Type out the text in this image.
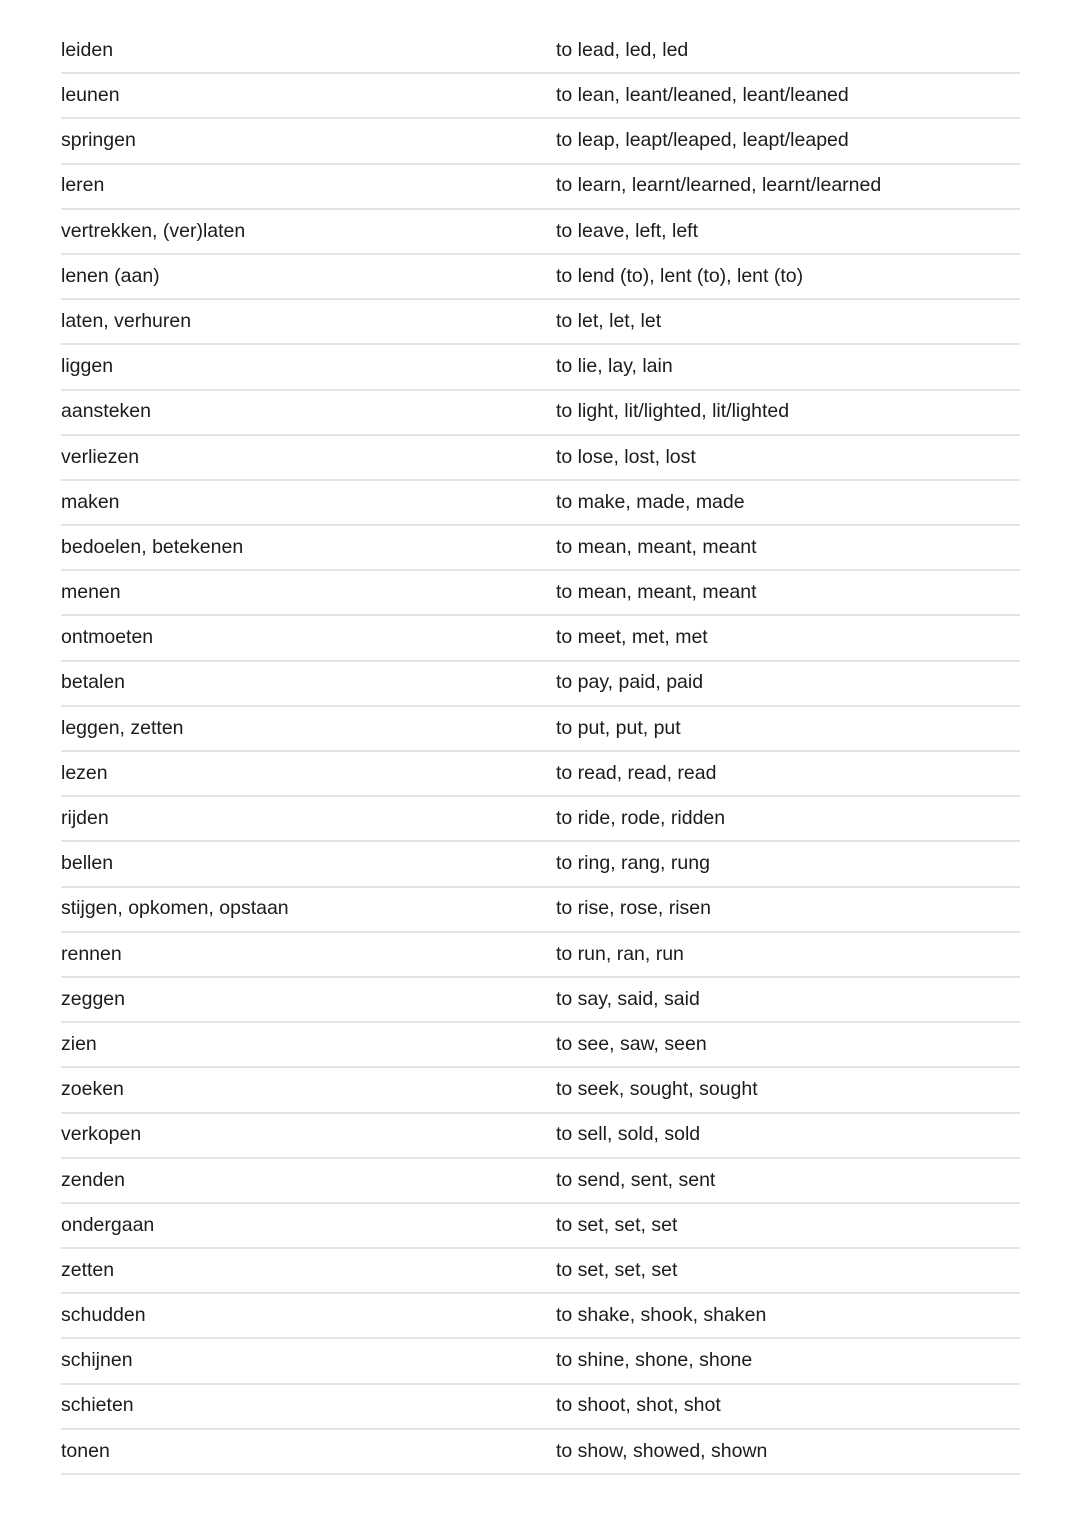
leiden	to lead, led, led
leunen	to lean, leant/leaned, leant/leaned
springen	to leap, leapt/leaped, leapt/leaped
leren	to learn, learnt/learned, learnt/learned
vertrekken, (ver)laten	to leave, left, left
lenen (aan)	to lend (to), lent (to), lent (to)
laten, verhuren	to let, let, let
liggen	to lie, lay, lain
aansteken	to light, lit/lighted, lit/lighted
verliezen	to lose, lost, lost
maken	to make, made, made
bedoelen, betekenen	to mean, meant, meant
menen	to mean, meant, meant
ontmoeten	to meet, met, met
betalen	to pay, paid, paid
leggen, zetten	to put, put, put
lezen	to read, read, read
rijden	to ride, rode, ridden
bellen	to ring, rang, rung
stijgen, opkomen, opstaan	to rise, rose, risen
rennen	to run, ran, run
zeggen	to say, said, said
zien	to see, saw, seen
zoeken	to seek, sought, sought
verkopen	to sell, sold, sold
zenden	to send, sent, sent
ondergaan	to set, set, set
zetten	to set, set, set
schudden	to shake, shook, shaken
schijnen	to shine, shone, shone
schieten	to shoot, shot, shot
tonen	to show, showed, shown
